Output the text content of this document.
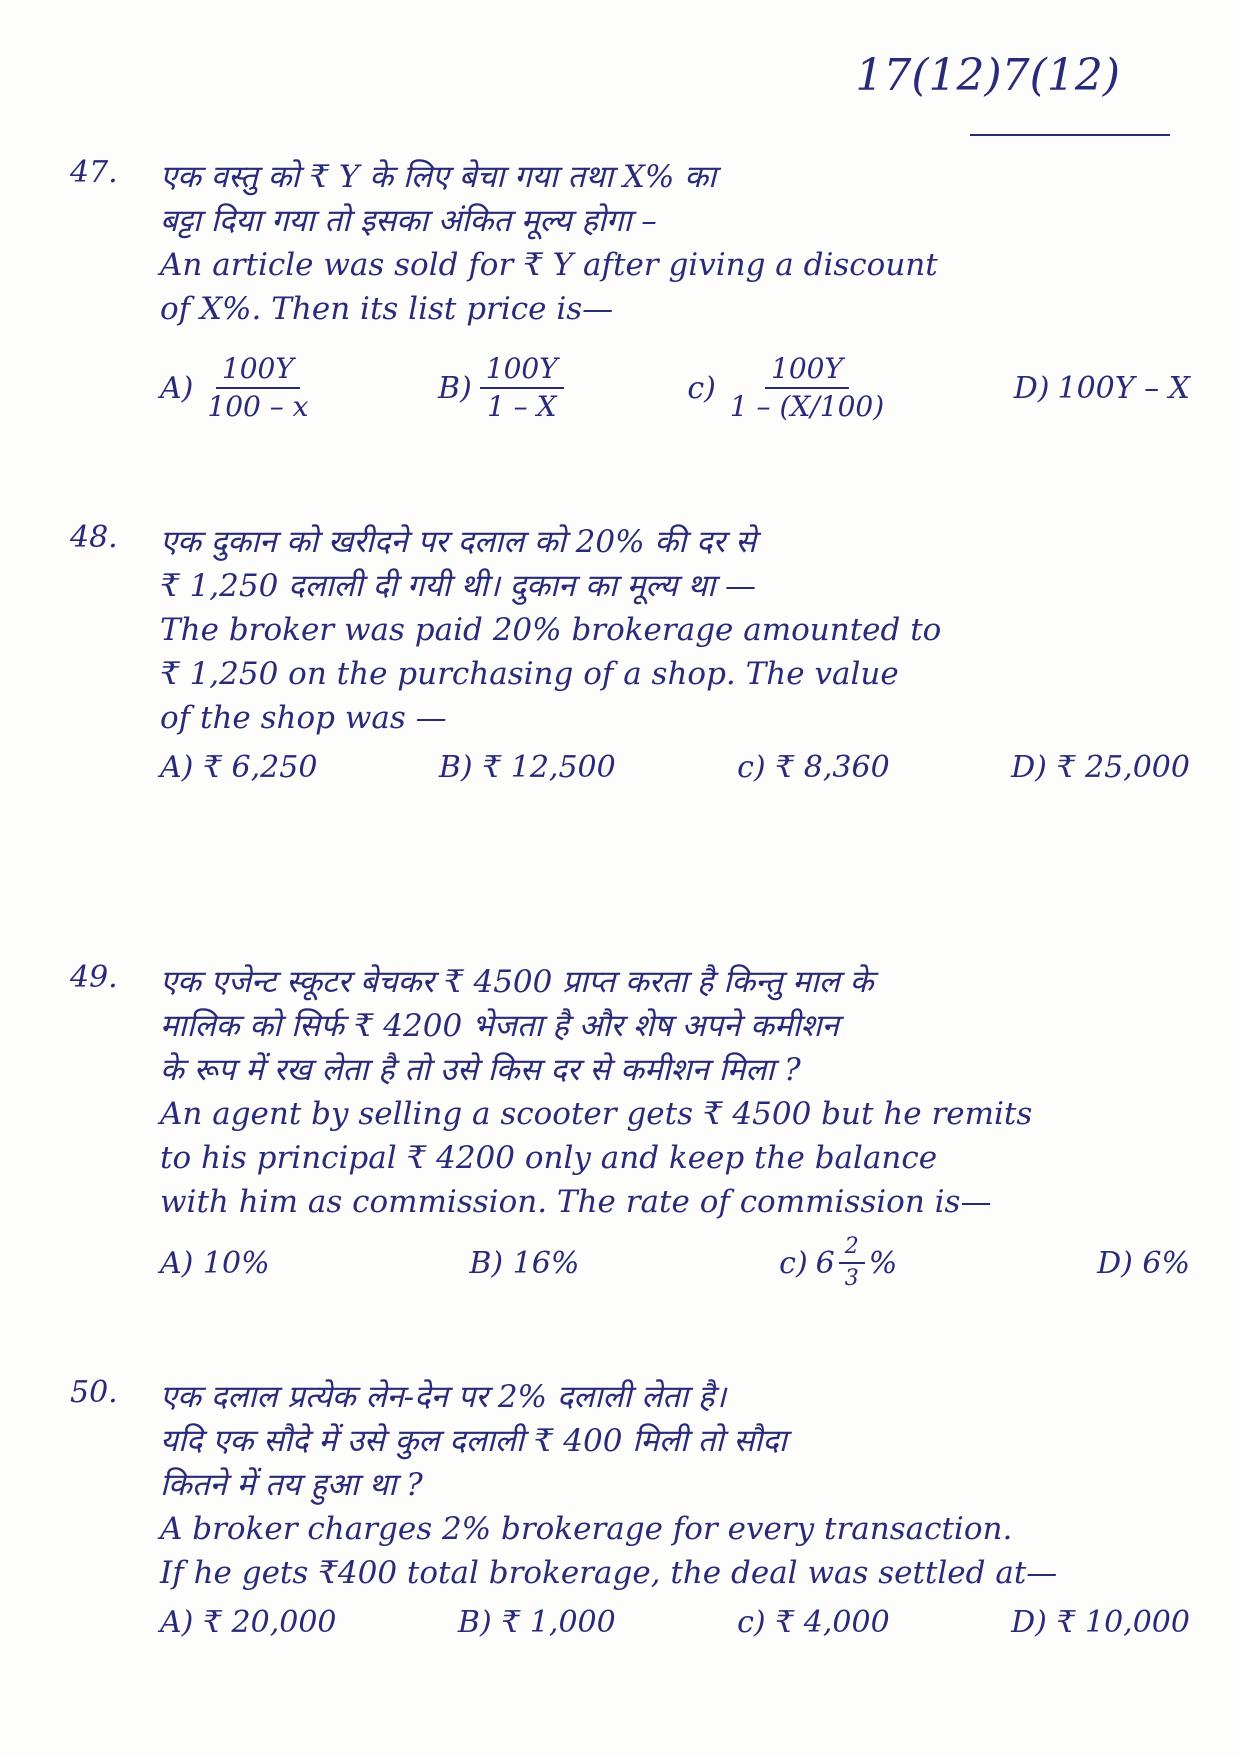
17(12)7(12)
47. एक वस्तु को ₹ Y के लिए बेचा गया तथा X% का
बट्टा दिया गया तो इसका अंकित मूल्य होगा –
An article was sold for ₹ Y after giving a discount
of X%. Then its list price is—
$A) \frac{100Y}{100 - x}$	$B) \frac{100Y}{1 - X}$	$c) \frac{100Y}{1 - (X/100)}$	D) 100Y – X
48. एक दुकान को खरीदने पर दलाल को 20% की दर से
₹ 1,250 दलाली दी गयी थी। दुकान का मूल्य था —
The broker was paid 20% brokerage amounted to
₹ 1,250 on the purchasing of a shop. The value
of the shop was —
A) ₹ 6,250	B) ₹ 12,500	c) ₹ 8,360	D) ₹ 25,000
49. एक एजेन्ट स्कूटर बेचकर ₹ 4500 प्राप्त करता है किन्तु माल के
मालिक को सिर्फ ₹ 4200 भेजता है और शेष अपने कमीशन
के रूप में रख लेता है तो उसे किस दर से कमीशन मिला ?
An agent by selling a scooter gets ₹ 4500 but he remits
to his principal ₹ 4200 only and keep the balance
with him as commission. The rate of commission is—
A) 10%	B) 16%	c) $6 \frac{2}{3}$ %	D) 6%
50. एक दलाल प्रत्येक लेन-देन पर 2% दलाली लेता है।
यदि एक सौदे में उसे कुल दलाली ₹ 400 मिली तो सौदा
कितने में तय हुआ था ?
A broker charges 2% brokerage for every transaction.
If he gets ₹400 total brokerage, the deal was settled at—
A) ₹ 20,000	B) ₹ 1,000	c) ₹ 4,000	D) ₹ 10,000
